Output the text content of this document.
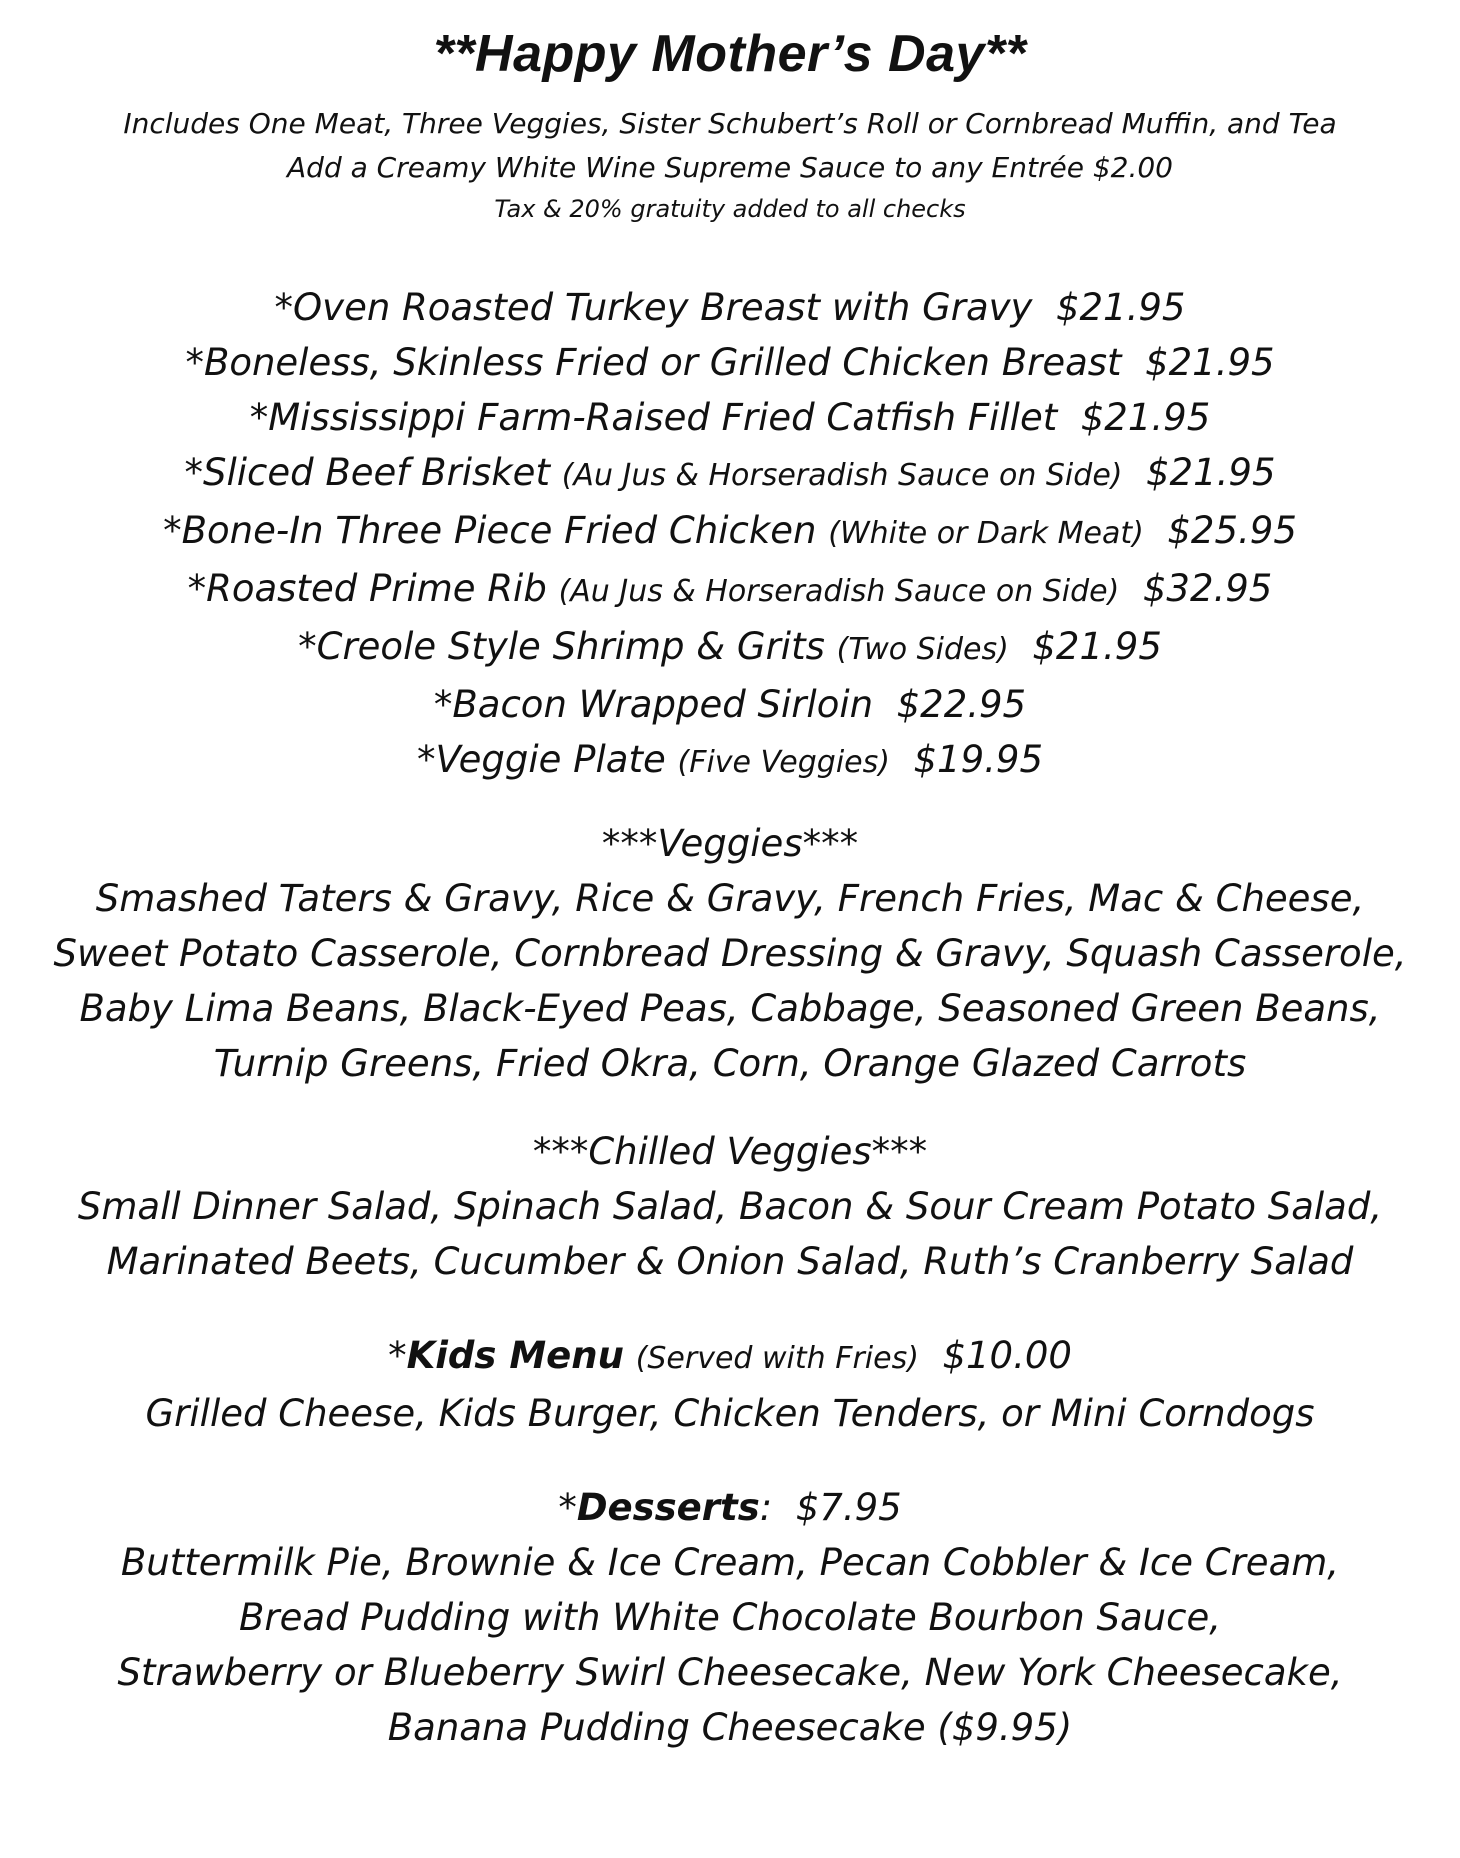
**Happy Mother’s Day**
Includes One Meat, Three Veggies, Sister Schubert’s Roll or Cornbread Muffin, and Tea
Add a Creamy White Wine Supreme Sauce to any Entrée $2.00
Tax & 20% gratuity added to all checks
*Oven Roasted Turkey Breast with Gravy $21.95
*Boneless, Skinless Fried or Grilled Chicken Breast $21.95
*Mississippi Farm-Raised Fried Catfish Fillet $21.95
*Sliced Beef Brisket (Au Jus & Horseradish Sauce on Side) $21.95
*Bone-In Three Piece Fried Chicken (White or Dark Meat) $25.95
*Roasted Prime Rib (Au Jus & Horseradish Sauce on Side) $32.95
*Creole Style Shrimp & Grits (Two Sides) $21.95
*Bacon Wrapped Sirloin $22.95
*Veggie Plate (Five Veggies) $19.95
***Veggies***
Smashed Taters & Gravy, Rice & Gravy, French Fries, Mac & Cheese,
Sweet Potato Casserole, Cornbread Dressing & Gravy, Squash Casserole,
Baby Lima Beans, Black-Eyed Peas, Cabbage, Seasoned Green Beans,
Turnip Greens, Fried Okra, Corn, Orange Glazed Carrots
***Chilled Veggies***
Small Dinner Salad, Spinach Salad, Bacon & Sour Cream Potato Salad,
Marinated Beets, Cucumber & Onion Salad, Ruth’s Cranberry Salad
*Kids Menu (Served with Fries) $10.00
Grilled Cheese, Kids Burger, Chicken Tenders, or Mini Corndogs
*Desserts: $7.95
Buttermilk Pie, Brownie & Ice Cream, Pecan Cobbler & Ice Cream,
Bread Pudding with White Chocolate Bourbon Sauce,
Strawberry or Blueberry Swirl Cheesecake, New York Cheesecake,
Banana Pudding Cheesecake ($9.95)
